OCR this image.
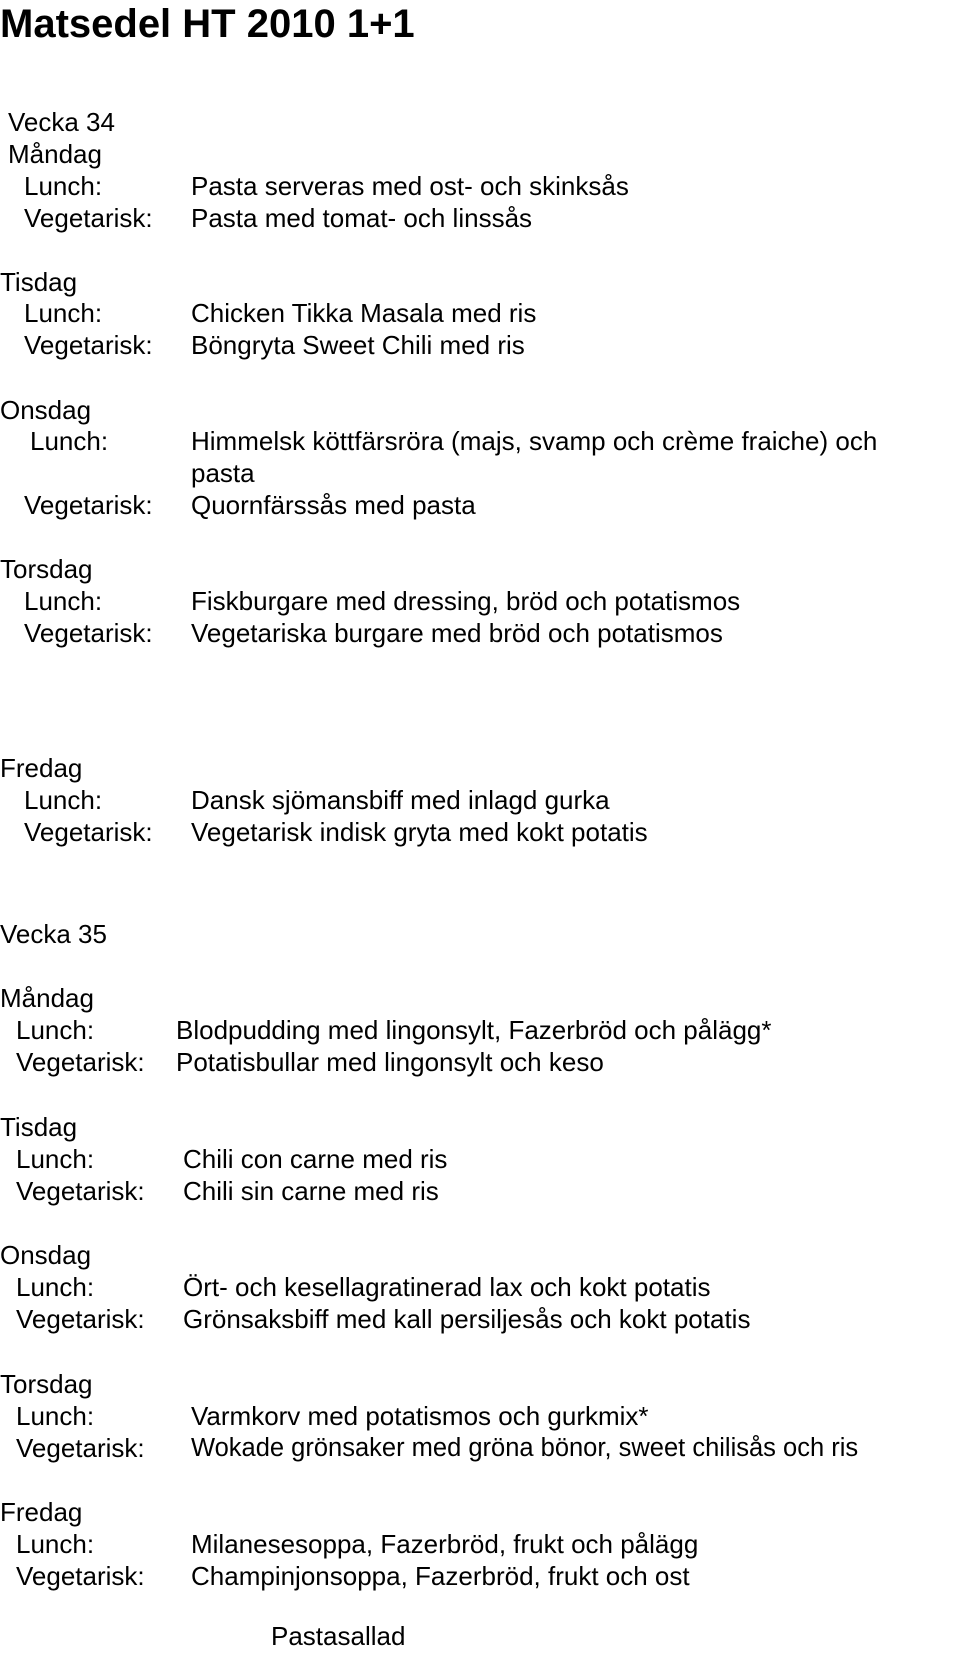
Matsedel HT 2010 1+1
Vecka 34
Måndag
Lunch:	Pasta serveras med ost- och skinksås
Vegetarisk: Pasta med tomat- och linssås
Tisdag
Lunch:	Chicken Tikka Masala med ris
Vegetarisk: Böngryta Sweet Chili med ris
Onsdag
Lunch:	Himmelsk köttfärsröra (majs, svamp och crème fraiche) och
pasta
Vegetarisk: Quornfärssås med pasta
Torsdag
Lunch:	Fiskburgare med dressing, bröd och potatismos
Vegetarisk: Vegetariska burgare med bröd och potatismos
Fredag
Lunch:	Dansk sjömansbiff med inlagd gurka
Vegetarisk: Vegetarisk indisk gryta med kokt potatis
Vecka 35
Måndag
Lunch:	Blodpudding med lingonsylt, Fazerbröd och pålägg*
Vegetarisk: Potatisbullar med lingonsylt och keso
Tisdag
Lunch:	Chili con carne med ris
Vegetarisk: Chili sin carne med ris
Onsdag
Lunch:	Ört- och kesellagratinerad lax och kokt potatis
Vegetarisk: Grönsaksbiff med kall persiljesås och kokt potatis
Torsdag
Lunch:	Varmkorv med potatismos och gurkmix*
Vegetarisk: Wokade grönsaker med gröna bönor, sweet chilisås och ris
Fredag
Lunch:	Milanesesoppa, Fazerbröd, frukt och pålägg
Vegetarisk: Champinjonsoppa, Fazerbröd, frukt och ost
Pastasallad
